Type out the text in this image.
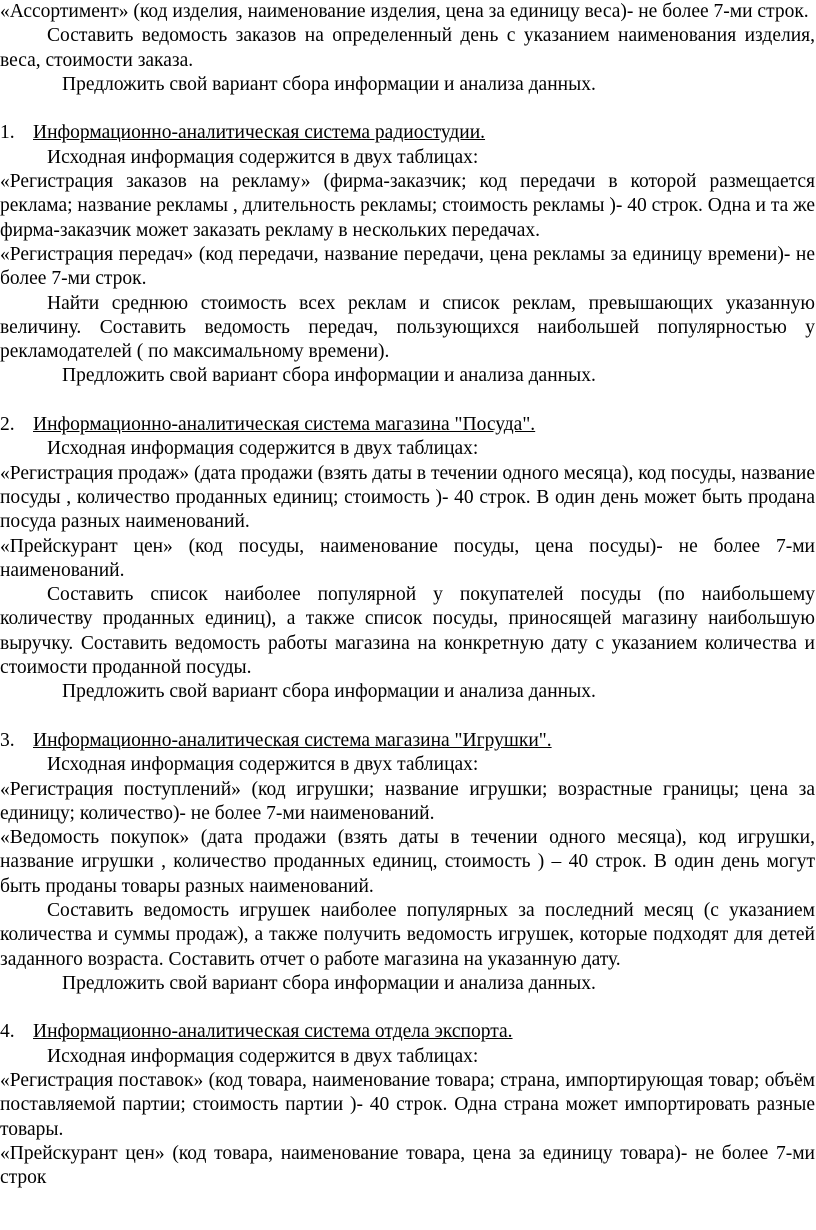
«Ассортимент» (код изделия, наименование изделия, цена за единицу веса)- не более 7-ми строк.

Составить ведомость заказов на определенный день с указанием наименования изделия, веса, стоимости заказа.

Предложить свой вариант сбора информации и анализа данных.

1. Информационно-аналитическая система радиостудии.

Исходная информация содержится в двух таблицах:

«Регистрация заказов на рекламу» (фирма-заказчик; код передачи в которой размещается реклама; название рекламы , длительность рекламы; стоимость рекламы )- 40 строк. Одна и та же фирма-заказчик может заказать рекламу в нескольких передачах.

«Регистрация передач» (код передачи, название передачи, цена рекламы за единицу времени)- не более 7-ми строк.

Найти среднюю стоимость всех реклам и список реклам, превышающих указанную величину. Составить ведомость передач, пользующихся наибольшей популярностью у рекламодателей ( по максимальному времени).

Предложить свой вариант сбора информации и анализа данных.

2. Информационно-аналитическая система магазина "Посуда".

Исходная информация содержится в двух таблицах:

«Регистрация продаж» (дата продажи (взять даты в течении одного месяца), код посуды, название посуды , количество проданных единиц; стоимость )- 40 строк. В один день может быть продана посуда разных наименований.

«Прейскурант цен» (код посуды, наименование посуды, цена посуды)- не более 7-ми наименований.

Составить список наиболее популярной у покупателей посуды (по наибольшему количеству проданных единиц), а также список посуды, приносящей магазину наибольшую выручку. Составить ведомость работы магазина на конкретную дату с указанием количества и стоимости проданной посуды.

Предложить свой вариант сбора информации и анализа данных.

3. Информационно-аналитическая система магазина "Игрушки".

Исходная информация содержится в двух таблицах:

«Регистрация поступлений» (код игрушки; название игрушки; возрастные границы; цена за единицу; количество)- не более 7-ми наименований.

«Ведомость покупок» (дата продажи (взять даты в течении одного месяца), код игрушки, название игрушки , количество проданных единиц, стоимость ) – 40 строк. В один день могут быть проданы товары разных наименований.

Составить ведомость игрушек наиболее популярных за последний месяц (с указанием количества и суммы продаж), а также получить ведомость игрушек, которые подходят для детей заданного возраста. Составить отчет о работе магазина на указанную дату.

Предложить свой вариант сбора информации и анализа данных.

4. Информационно-аналитическая система отдела экспорта.

Исходная информация содержится в двух таблицах:

«Регистрация поставок» (код товара, наименование товара; страна, импортирующая товар; объём поставляемой партии; стоимость партии )- 40 строк. Одна страна может импортировать разные товары.

«Прейскурант цен» (код товара, наименование товара, цена за единицу товара)- не более 7-ми строк
